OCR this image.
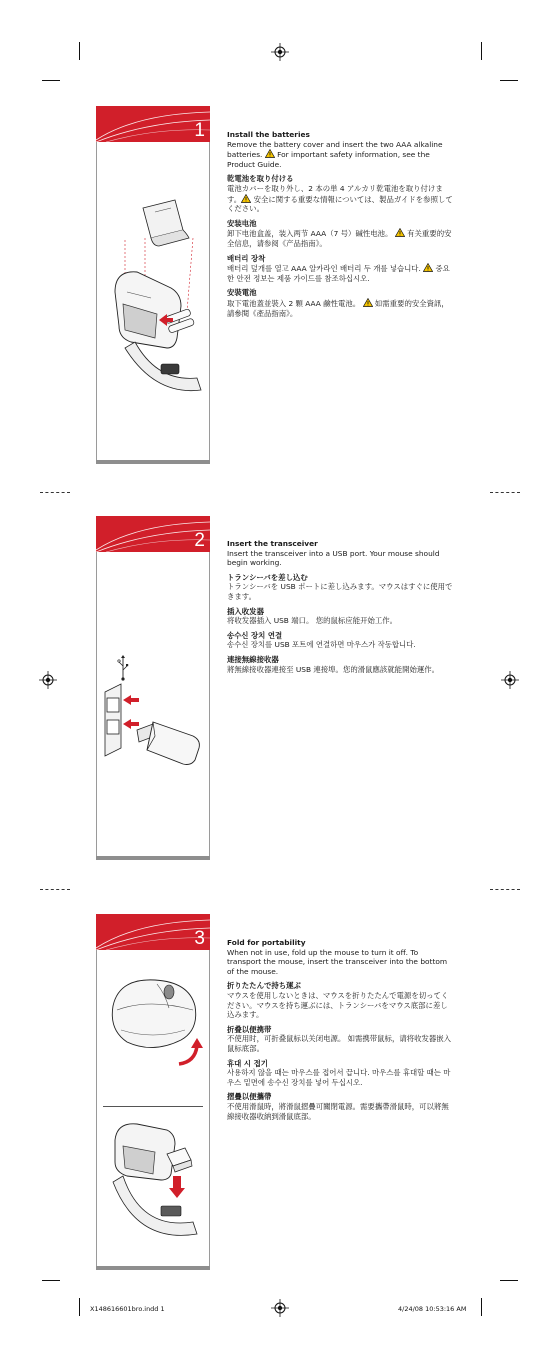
1	Install the batteries

Remove the battery cover and insert the two AAA alkaline batteries. For important safety information, see the Product Guide.

乾電池を取り付ける

電池カバーを取り外し、2 本の単 4 アルカリ乾電池を取り付けます。 安全に関する重要な情報については、製品ガイドを参照してください。

安装电池

卸下电池盒盖，装入两节 AAA（7 号）碱性电池。 有关重要的安全信息，请参阅《产品指南》。

배터리 장착

배터리 덮개를 열고 AAA 알카라인 배터리 두 개를 넣습니다. 중요한 안전 정보는 제품 가이드를 참조하십시오.

安裝電池

取下電池蓋並裝入 2 顆 AAA 鹼性電池。 如需重要的安全資訊，請參閱《產品指南》。

2	Insert the transceiver

Insert the transceiver into a USB port. Your mouse should begin working.

トランシーバを差し込む

トランシーバを USB ポートに差し込みます。マウスはすぐに使用できます。

插入收发器

将收发器插入 USB 端口。 您的鼠标应能开始工作。

송수신 장치 연결

송수신 장치를 USB 포트에 연결하면 마우스가 작동합니다.

連接無線接收器

將無線接收器連接至 USB 連接埠。您的滑鼠應該就能開始運作。

3	Fold for portability

When not in use, fold up the mouse to turn it off. To transport the mouse, insert the transceiver into the bottom of the mouse.

折りたたんで持ち運ぶ

マウスを使用しないときは、マウスを折りたたんで電源を切ってください。マウスを持ち運ぶには、トランシーバをマウス底部に差し込みます。

折叠以便携带

不使用时，可折叠鼠标以关闭电源。 如需携带鼠标，请将收发器嵌入鼠标底部。

휴대 시 접기

사용하지 않을 때는 마우스를 접어서 끕니다. 마우스를 휴대할 때는 마우스 밑면에 송수신 장치를 넣어 두십시오.

摺疊以便攜帶

不使用滑鼠時，將滑鼠摺疊可關閉電源。需要攜帶滑鼠時，可以將無線接收器收納到滑鼠底部。

X148616601bro.indd 1	4/24/08 10:53:16 AM
